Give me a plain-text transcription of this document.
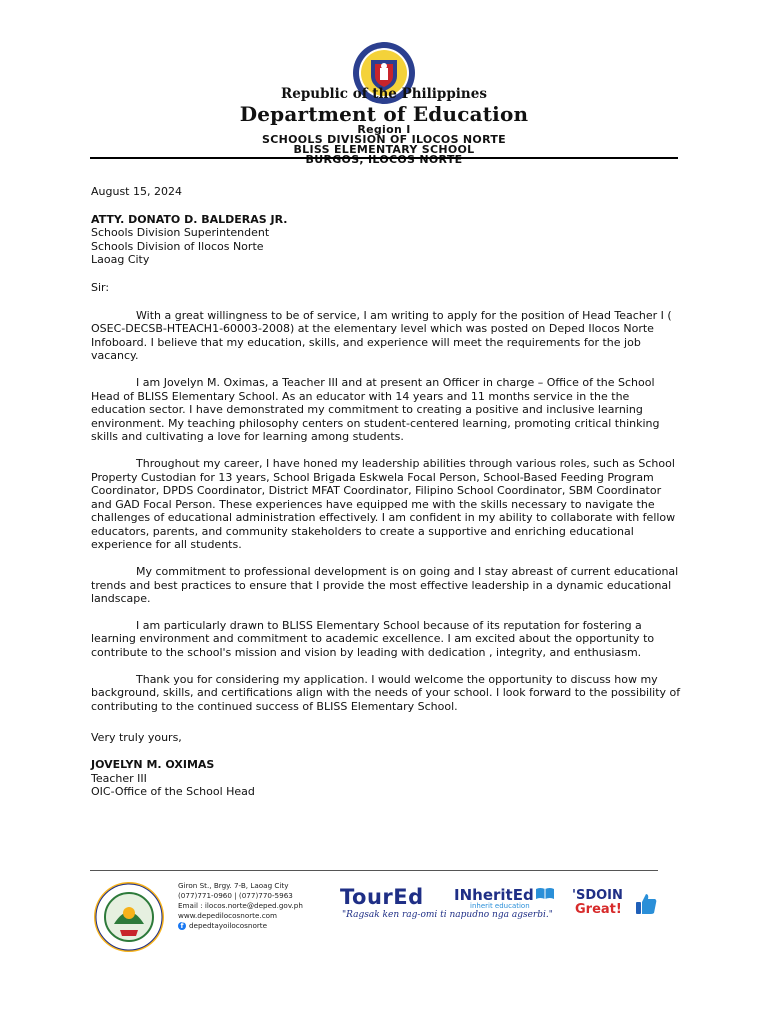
Republic of the Philippines
Department of Education
Region I
SCHOOLS DIVISION OF ILOCOS NORTE
BLISS ELEMENTARY SCHOOL
BURGOS, ILOCOS NORTE

August 15, 2024

ATTY. DONATO D. BALDERAS JR.

Schools Division Superintendent

Schools Division of Ilocos Norte

Laoag City

Sir:

With a great willingness to be of service, I am writing to apply for the position of Head Teacher I ( OSEC-DECSB-HTEACH1-60003-2008) at the elementary level which was posted on Deped Ilocos Norte Infoboard. I believe that my education, skills, and experience will meet the requirements for the job vacancy.

I am Jovelyn M. Oximas, a Teacher III and at present an Officer in charge – Office of the School Head of BLISS Elementary School. As an educator with 14 years and 11 months service in the the education sector. I have demonstrated my commitment to creating a positive and inclusive learning environment. My teaching philosophy centers on student-centered learning, promoting critical thinking skills and cultivating a love for learning among students.

Throughout my career, I have honed my leadership abilities through various roles, such as School Property Custodian for 13 years, School Brigada Eskwela Focal Person, School-Based Feeding Program Coordinator, DPDS Coordinator, District MFAT Coordinator, Filipino School Coordinator, SBM Coordinator and GAD Focal Person. These experiences have equipped me with the skills necessary to navigate the challenges of educational administration effectively. I am confident in my ability to collaborate with fellow educators, parents, and community stakeholders to create a supportive and enriching educational experience for all students.

My commitment to professional development is on going and I stay abreast of current educational trends and best practices to ensure that I provide the most effective leadership in a dynamic educational landscape.

I am particularly drawn to BLISS Elementary School because of its reputation for fostering a learning environment and commitment to academic excellence. I am excited about the opportunity to contribute to the school's mission and vision by leading with dedication , integrity, and enthusiasm.

Thank you for considering my application. I would welcome the opportunity to discuss how my background, skills, and certifications align with the needs of your school. I look forward to the possibility of contributing to the continued success of BLISS Elementary School.

Very truly yours,

JOVELYN M. OXIMAS

Teacher III

OIC-Office of the School Head

Giron St., Brgy. 7-B, Laoag City
(077)771-0960 | (077)770-5963
Email : ilocos.norte@deped.gov.ph
www.depedilocosnorte.com
f depedtayoilocosnorte
TourEd INheritEd
inherit education
"Ragsak ken rag-omi ti napudno nga agserbi."
'SDOIN
Great!
